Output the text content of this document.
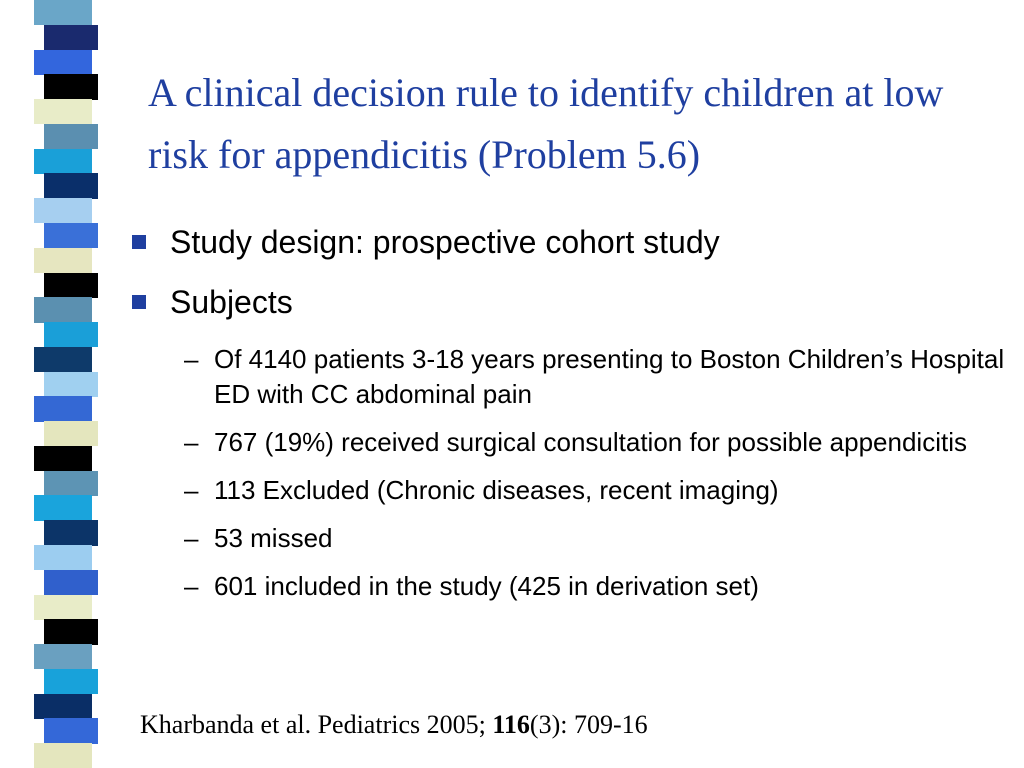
A clinical decision rule to identify children at low risk for appendicitis (Problem 5.6)
Study design: prospective cohort study
Subjects
– Of 4140 patients 3-18 years presenting to Boston Children’s Hospital ED with CC abdominal pain
– 767 (19%) received surgical consultation for possible appendicitis
– 113 Excluded (Chronic diseases, recent imaging)
– 53 missed
– 601 included in the study (425 in derivation set)
Kharbanda et al. Pediatrics 2005; 116(3): 709-16
